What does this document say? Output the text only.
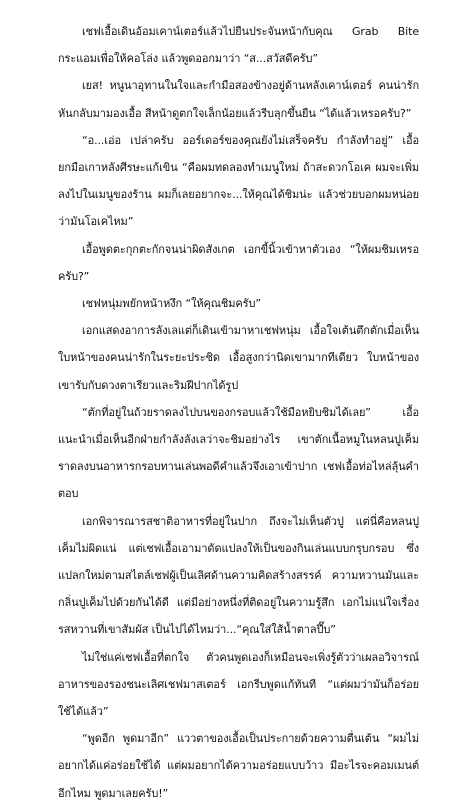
เชฟเอื้อเดินอ้อมเคาน์เตอร์แล้วไปยืนประจันหน้ากับคุณ Grab Bite กระแอมเพื่อให้คอโล่ง แล้วพูดออกมาว่า “ส...สวัสดีครับ”

เยส! หนูนาอุทานในใจและกำมือสองข้างอยู่ด้านหลังเคาน์เตอร์ คนน่ารักหันกลับมามองเอื้อ สีหน้าดูตกใจเล็กน้อยแล้วรีบลุกขึ้นยืน “ได้แล้วเหรอครับ?”

“อ...เอ่อ เปล่าครับ ออร์เดอร์ของคุณยังไม่เสร็จครับ กำลังทำอยู่” เอื้อยกมือเกาหลังศีรษะแก้เขิน “คือผมทดลองทำเมนูใหม่ ถ้าสะดวกโอเค ผมจะเพิ่มลงไปในเมนูของร้าน ผมก็เลยอยากจะ...ให้คุณได้ชิมน่ะ แล้วช่วยบอกผมหน่อยว่ามันโอเคไหม”

เอื้อพูดตะกุกตะกักจนน่าผิดสังเกต เอกขี้นิ้วเข้าหาตัวเอง “ให้ผมชิมเหรอครับ?”

เชฟหนุ่มพยักหน้าหงึก “ให้คุณชิมครับ”

เอกแสดงอาการลังเลแต่ก็เดินเข้ามาหาเชฟหนุ่ม เอื้อใจเต้นตึกตักเมื่อเห็นใบหน้าของคนน่ารักในระยะประชิด เอื้อสูงกว่านิดเขามากทีเดียว ใบหน้าของเขารับกับดวงตาเรียวและริมฝีปากได้รูป

“ตักที่อยู่ในถ้วยราดลงไปบนของกรอบแล้วใช้มือหยิบชิมได้เลย” เอื้อแนะนำเมื่อเห็นอีกฝ่ายกำลังลังเลว่าจะชิมอย่างไร เขาตักเนื้อหมูในหลนปูเค็มราดลงบนอาหารกรอบทานเล่นพอดีคำแล้วจึงเอาเข้าปาก เชฟเอื้อท่อไหล่ลุ้นคำตอบ

เอกพิจารณารสชาติอาหารที่อยู่ในปาก ถึงจะไม่เห็นตัวปู แต่นี่คือหลนปูเค็มไม่ผิดแน่ แต่เชฟเอื้อเอามาดัดแปลงให้เป็นของกินเล่นแบบกรุบกรอบ ซึ่งแปลกใหม่ตามสไตล์เชฟผู้เป็นเลิศด้านความคิดสร้างสรรค์ ความหวานมันและกลิ่นปูเค็มไปด้วยกันได้ดี แต่มีอย่างหนึ่งที่ติดอยู่ในความรู้สึก เอกไม่แน่ใจเรื่องรสหวานที่เขาสัมผัส เป็นไปได้ไหมว่า...“คุณใส่ใส้น้ำตาลปึ๊บ”

ไม่ใช่แค่เชฟเอื้อที่ตกใจ ตัวคนพูดเองก็เหมือนจะเพิ่งรู้ตัวว่าเผลอวิจารณ์อาหารของรองชนะเลิศเชฟมาสเตอร์ เอกรีบพูดแก้ทันที “แต่ผมว่ามันก็อร่อยใช้ได้แล้ว”

“พูดอีก พูดมาอีก” แววตาของเอื้อเป็นประกายด้วยความตื่นเต้น “ผมไม่อยากได้แค่อร่อยใช้ได้ แต่ผมอยากได้ความอร่อยแบบว้าว มีอะไรจะคอมเมนต์อีกไหม พูดมาเลยครับ!”
